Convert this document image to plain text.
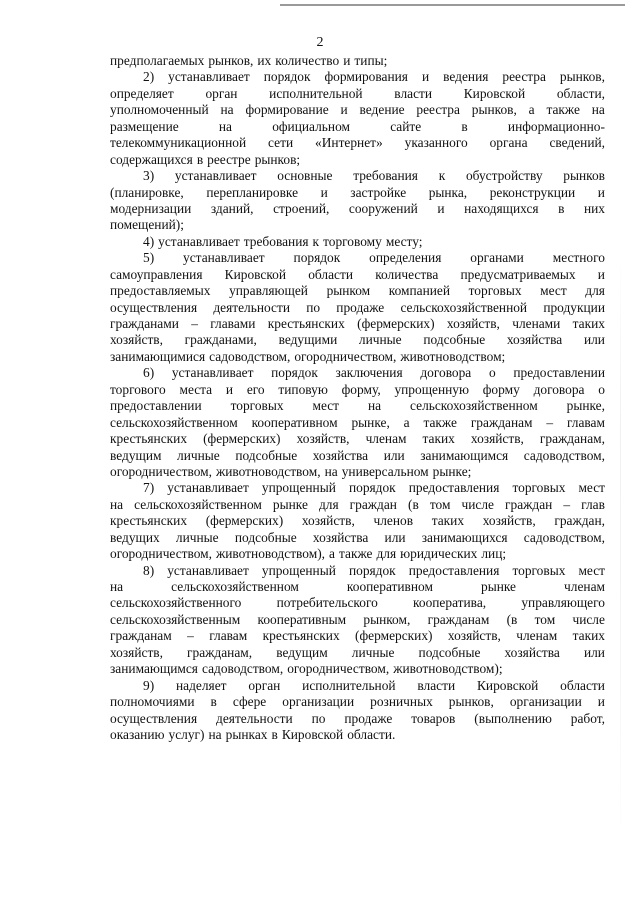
2
предполагаемых рынков, их количество и типы;
2) устанавливает порядок формирования и ведения реестра рынков,
определяет орган исполнительной власти Кировской области,
уполномоченный на формирование и ведение реестра рынков, а также на
размещение	на	официальном	сайте	в	информационно-
телекоммуникационной сети «Интернет» указанного органа сведений,
содержащихся в реестре рынков;
3) устанавливает основные требования к обустройству рынков
(планировке, перепланировке и застройке рынка, реконструкции и
модернизации зданий, строений, сооружений и находящихся в них
помещений);
4) устанавливает требования к торговому месту;
5) устанавливает порядок определения органами местного
самоуправления Кировской области количества предусматриваемых и
предоставляемых управляющей рынком компанией торговых мест для
осуществления деятельности по продаже сельскохозяйственной продукции
гражданами – главами крестьянских (фермерских) хозяйств, членами таких
хозяйств, гражданами, ведущими личные подсобные хозяйства или
занимающимися садоводством, огородничеством, животноводством;
6) устанавливает порядок заключения договора о предоставлении
торгового места и его типовую форму, упрощенную форму договора о
предоставлении торговых мест на сельскохозяйственном рынке,
сельскохозяйственном кооперативном рынке, а также гражданам – главам
крестьянских (фермерских) хозяйств, членам таких хозяйств, гражданам,
ведущим личные подсобные хозяйства или занимающимся садоводством,
огородничеством, животноводством, на универсальном рынке;
7) устанавливает упрощенный порядок предоставления торговых мест
на сельскохозяйственном рынке для граждан (в том числе граждан – глав
крестьянских (фермерских) хозяйств, членов таких хозяйств, граждан,
ведущих личные подсобные хозяйства или занимающихся садоводством,
огородничеством, животноводством), а также для юридических лиц;
8) устанавливает упрощенный порядок предоставления торговых мест
на	сельскохозяйственном	кооперативном	рынке	членам
сельскохозяйственного	потребительского	кооператива,	управляющего
сельскохозяйственным кооперативным рынком, гражданам (в том числе
гражданам – главам крестьянских (фермерских) хозяйств, членам таких
хозяйств, гражданам, ведущим личные подсобные хозяйства или
занимающимся садоводством, огородничеством, животноводством);
9) наделяет орган исполнительной власти Кировской области
полномочиями в сфере организации розничных рынков, организации и
осуществления деятельности по продаже товаров (выполнению работ,
оказанию услуг) на рынках в Кировской области.
